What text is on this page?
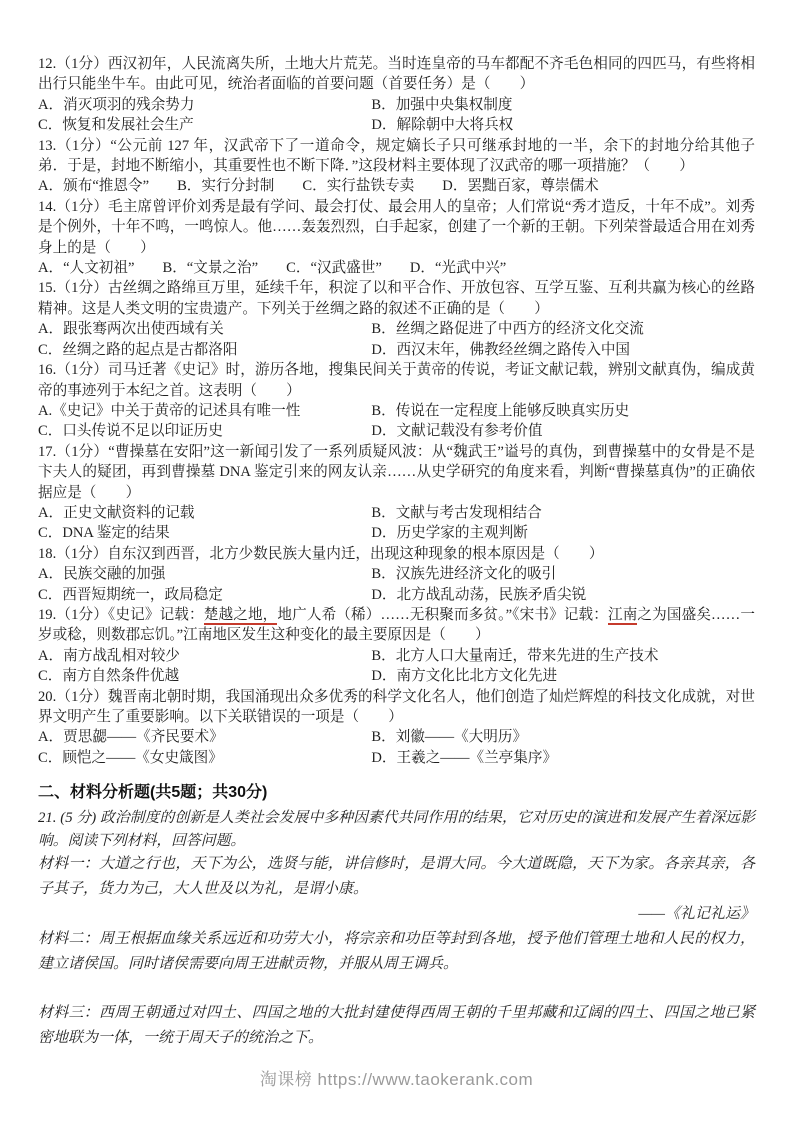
12.（1分）西汉初年，人民流离失所，土地大片荒芜。当时连皇帝的马车都配不齐毛色相同的四匹马，有些将相出行只能坐牛车。由此可见，统治者面临的首要问题（首要任务）是（　　）

A．消灭项羽的残余势力	B．加强中央集权制度
C．恢复和发展社会生产	D．解除朝中大将兵权

13.（1分）“公元前 127 年，汉武帝下了一道命令，规定嫡长子只可继承封地的一半，余下的封地分给其他子弟．于是，封地不断缩小，其重要性也不断下降．”这段材料主要体现了汉武帝的哪一项措施？（　　）

A．颁布“推恩令” B．实行分封制 C．实行盐铁专卖 D．罢黜百家，尊崇儒术

14.（1分）毛主席曾评价刘秀是最有学问、最会打仗、最会用人的皇帝；人们常说“秀才造反，十年不成”。刘秀是个例外，十年不鸣，一鸣惊人。他……轰轰烈烈，白手起家，创建了一个新的王朝。下列荣誉最适合用在刘秀身上的是（　　）

A．“人文初祖” B．“文景之治” C．“汉武盛世” D．“光武中兴”

15.（1分）古丝绸之路绵亘万里，延续千年，积淀了以和平合作、开放包容、互学互鉴、互利共赢为核心的丝路精神。这是人类文明的宝贵遗产。下列关于丝绸之路的叙述不正确的是（　　）

A．跟张骞两次出使西域有关	B．丝绸之路促进了中西方的经济文化交流
C．丝绸之路的起点是古都洛阳	D．西汉末年，佛教经丝绸之路传入中国

16.（1分）司马迁著《史记》时，游历各地，搜集民间关于黄帝的传说，考证文献记载，辨别文献真伪，编成黄帝的事迹列于本纪之首。这表明（　　）

A.《史记》中关于黄帝的记述具有唯一性	B．传说在一定程度上能够反映真实历史
C．口头传说不足以印证历史	D．文献记载没有参考价值

17.（1分）“曹操墓在安阳”这一新闻引发了一系列质疑风波：从“魏武王”谥号的真伪，到曹操墓中的女骨是不是卞夫人的疑团，再到曹操墓 DNA 鉴定引来的网友认亲……从史学研究的角度来看，判断“曹操墓真伪”的正确依据应是（　　）

A．正史文献资料的记载	B．文献与考古发现相结合
C．DNA 鉴定的结果	D．历史学家的主观判断

18.（1分）自东汉到西晋，北方少数民族大量内迁，出现这种现象的根本原因是（　　）

A．民族交融的加强	B．汉族先进经济文化的吸引
C．西晋短期统一，政局稳定	D．北方战乱动荡，民族矛盾尖锐

19.（1分）《史记》记载：楚越之地，地广人希（稀）……无积聚而多贫。”《宋书》记载：江南之为国盛矣……一岁或稔，则数郡忘饥。”江南地区发生这种变化的最主要原因是（　　）

A．南方战乱相对较少	B．北方人口大量南迁，带来先进的生产技术
C．南方自然条件优越	D．南方文化比北方文化先进

20.（1分）魏晋南北朝时期，我国涌现出众多优秀的科学文化名人，他们创造了灿烂辉煌的科技文化成就，对世界文明产生了重要影响。以下关联错误的一项是（　　）

A．贾思勰——《齐民要术》	B．刘徽——《大明历》
C．顾恺之——《女史箴图》	D．王羲之——《兰亭集序》
二、材料分析题(共5题；共30分)

21. (5 分) 政治制度的创新是人类社会发展中多种因素代共同作用的结果，它对历史的演进和发展产生着深远影响。阅读下列材料，回答问题。

材料一：大道之行也，天下为公，选贤与能，讲信修时，是谓大同。今大道既隐，天下为家。各亲其亲，各子其子，货力为己，大人世及以为礼，是谓小康。

——《礼记礼运》

材料二：周王根据血缘关系远近和功劳大小，将宗亲和功臣等封到各地，授予他们管理土地和人民的权力，建立诸侯国。同时诸侯需要向周王进献贡物，并服从周王调兵。

材料三：西周王朝通过对四土、四国之地的大批封建使得西周王朝的千里邦藏和辽阔的四土、四国之地已紧密地联为一体，一统于周天子的统治之下。

淘课榜 https://www.taokerank.com
